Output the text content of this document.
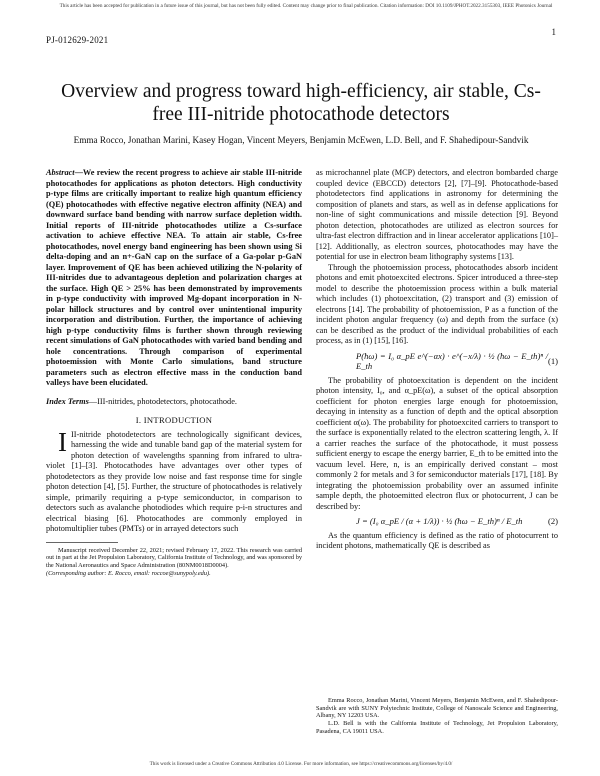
This article has been accepted for publication in a future issue of this journal, but has not been fully edited. Content may change prior to final publication. Citation information: DOI 10.1109/JPHOT.2022.3155303, IEEE Photonics Journal
1
PJ-012629-2021
Overview and progress toward high-efficiency, air stable, Cs-free III-nitride photocathode detectors
Emma Rocco, Jonathan Marini, Kasey Hogan, Vincent Meyers, Benjamin McEwen, L.D. Bell, and F. Shahedipour-Sandvik

Abstract—We review the recent progress to achieve air stable III-nitride photocathodes for applications as photon detectors. High conductivity p-type films are critically important to realize high quantum efficiency (QE) photocathodes with effective negative electron affinity (NEA) and downward surface band bending with narrow surface depletion width. Initial reports of III-nitride photocathodes utilize a Cs-surface activation to achieve effective NEA. To attain air stable, Cs-free photocathodes, novel energy band engineering has been shown using Si delta-doping and an n+-GaN cap on the surface of a Ga-polar p-GaN layer. Improvement of QE has been achieved utilizing the N-polarity of III-nitrides due to advantageous depletion and polarization charges at the surface. High QE > 25% has been demonstrated by improvements in p-type conductivity with improved Mg-dopant incorporation in N-polar hillock structures and by control over unintentional impurity incorporation and distribution. Further, the importance of achieving high p-type conductivity films is further shown through reviewing recent simulations of GaN photocathodes with varied band bending and hole concentrations. Through comparison of experimental photoemission with Monte Carlo simulations, band structure parameters such as electron effective mass in the conduction band valleys have been elucidated.

Index Terms—III-nitrides, photodetectors, photocathode.

I. INTRODUCTION

III-nitride photodetectors are technologically significant devices, harnessing the wide and tunable band gap of the material system for photon detection of wavelengths spanning from infrared to ultra-violet [1]–[3]. Photocathodes have advantages over other types of photodetectors as they provide low noise and fast response time for single photon detection [4], [5]. Further, the structure of photocathodes is relatively simple, primarily requiring a p-type semiconductor, in comparison to detectors such as avalanche photodiodes which require p-i-n structures and electrical biasing [6]. Photocathodes are commonly employed in photomultiplier tubes (PMTs) or in arrayed detectors such

Manuscript received December 22, 2021; revised February 17, 2022. This research was carried out in part at the Jet Propulsion Laboratory, California Institute of Technology, and was sponsored by the National Aeronautics and Space Administration (80NM0018D0004).

(Corresponding author: E. Rocco, email: roccoe@sunypoly.edu).

as microchannel plate (MCP) detectors, and electron bombarded charge coupled device (EBCCD) detectors [2], [7]–[9]. Photocathode-based photodetectors find applications in astronomy for determining the composition of planets and stars, as well as in defense applications for non-line of sight communications and missile detection [9]. Beyond photon detection, photocathodes are utilized as electron sources for ultra-fast electron diffraction and in linear accelerator applications [10]–[12]. Additionally, as electron sources, photocathodes may have the potential for use in electron beam lithography systems [13].

Through the photoemission process, photocathodes absorb incident photons and emit photoexcited electrons. Spicer introduced a three-step model to describe the photoemission process within a bulk material which includes (1) photoexcitation, (2) transport and (3) emission of electrons [14]. The probability of photoemission, P as a function of the incident photon angular frequency (ω) and depth from the surface (x) can be described as the product of the individual probabilities of each process, as in (1) [15], [16].

P(ħω) = I₀ α_pE e^(−αx) · e^(−x/λ) · ½ (ħω − E_th)ⁿ / E_th
(1)

The probability of photoexcitation is dependent on the incident photon intensity, I₀, and α_pE(ω), a subset of the optical absorption coefficient for photon energies large enough for photoemission, decaying in intensity as a function of depth and the optical absorption coefficient α(ω). The probability for photoexcited carriers to transport to the surface is exponentially related to the electron scattering length, λ. If a carrier reaches the surface of the photocathode, it must possess sufficient energy to escape the energy barrier, E_th to be emitted into the vacuum level. Here, n, is an empirically derived constant – most commonly 2 for metals and 3 for semiconductor materials [17], [18]. By integrating the photoemission probability over an assumed infinite sample depth, the photoemitted electron flux or photocurrent, J can be described by:

J = (I₀ α_pE / (α + 1/λ)) · ½ (ħω − E_th)ⁿ / E_th	(2)

As the quantum efficiency is defined as the ratio of photocurrent to incident photons, mathematically QE is described as

Emma Rocco, Jonathan Marini, Vincent Meyers, Benjamin McEwen, and F. Shahedipour-Sandvik are with SUNY Polytechnic Institute, College of Nanoscale Science and Engineering, Albany, NY 12203 USA.

L.D. Bell is with the California Institute of Technology, Jet Propulsion Laboratory, Pasadena, CA 19011 USA.

This work is licensed under a Creative Commons Attribution 4.0 License. For more information, see https://creativecommons.org/licenses/by/4.0/
